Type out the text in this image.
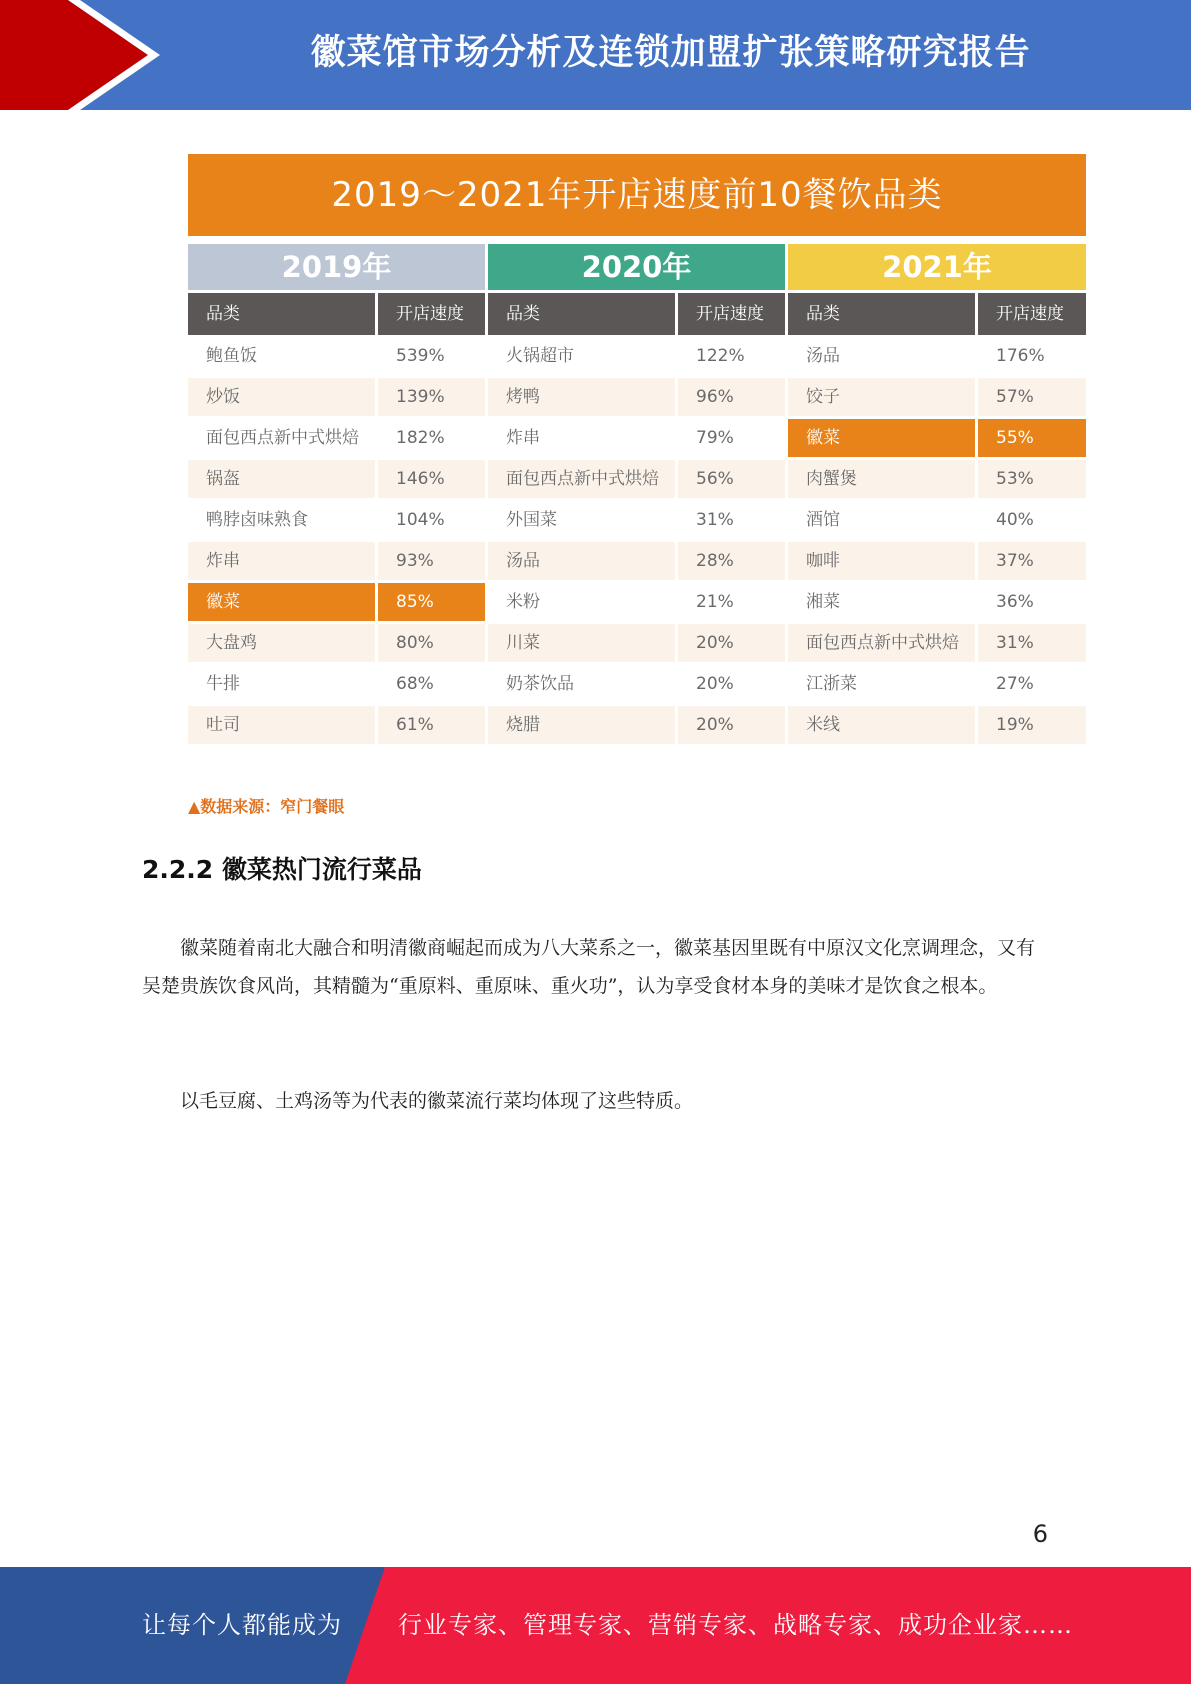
徽菜馆市场分析及连锁加盟扩张策略研究报告
2019～2021年开店速度前10餐饮品类
2019年	2020年	2021年
品类	开店速度	品类	开店速度	品类	开店速度
鲍鱼饭	539%	火锅超市	122%	汤品	176%
炒饭	139%	烤鸭	96%	饺子	57%
面包西点新中式烘焙	182%	炸串	79%	徽菜	55%
锅盔	146%	面包西点新中式烘焙	56%	肉蟹煲	53%
鸭脖卤味熟食	104%	外国菜	31%	酒馆	40%
炸串	93%	汤品	28%	咖啡	37%
徽菜	85%	米粉	21%	湘菜	36%
大盘鸡	80%	川菜	20%	面包西点新中式烘焙	31%
牛排	68%	奶茶饮品	20%	江浙菜	27%
吐司	61%	烧腊	20%	米线	19%
▲数据来源：窄门餐眼
2.2.2 徽菜热门流行菜品

徽菜随着南北大融合和明清徽商崛起而成为八大菜系之一，徽菜基因里既有中原汉文化烹调理念，又有吴楚贵族饮食风尚，其精髓为“重原料、重原味、重火功”，认为享受食材本身的美味才是饮食之根本。

以毛豆腐、土鸡汤等为代表的徽菜流行菜均体现了这些特质。

6
让每个人都能成为 行业专家、管理专家、营销专家、战略专家、成功企业家……
